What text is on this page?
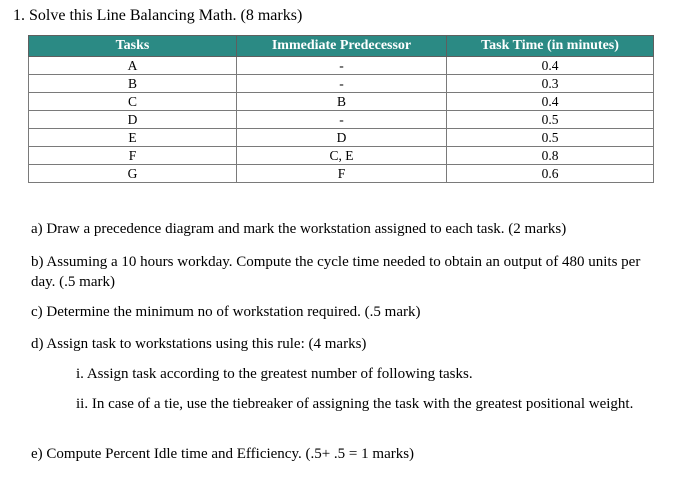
1. Solve this Line Balancing Math. (8 marks)
Tasks	Immediate Predecessor	Task Time (in minutes)
A	-	0.4
B	-	0.3
C	B	0.4
D	-	0.5
E	D	0.5
F	C, E	0.8
G	F	0.6
a) Draw a precedence diagram and mark the workstation assigned to each task. (2 marks)
b) Assuming a 10 hours workday. Compute the cycle time needed to obtain an output of 480 units per day. (.5 mark)
c) Determine the minimum no of workstation required. (.5 mark)
d) Assign task to workstations using this rule: (4 marks)
i. Assign task according to the greatest number of following tasks.
ii. In case of a tie, use the tiebreaker of assigning the task with the greatest positional weight.
e) Compute Percent Idle time and Efficiency. (.5+ .5 = 1 marks)
